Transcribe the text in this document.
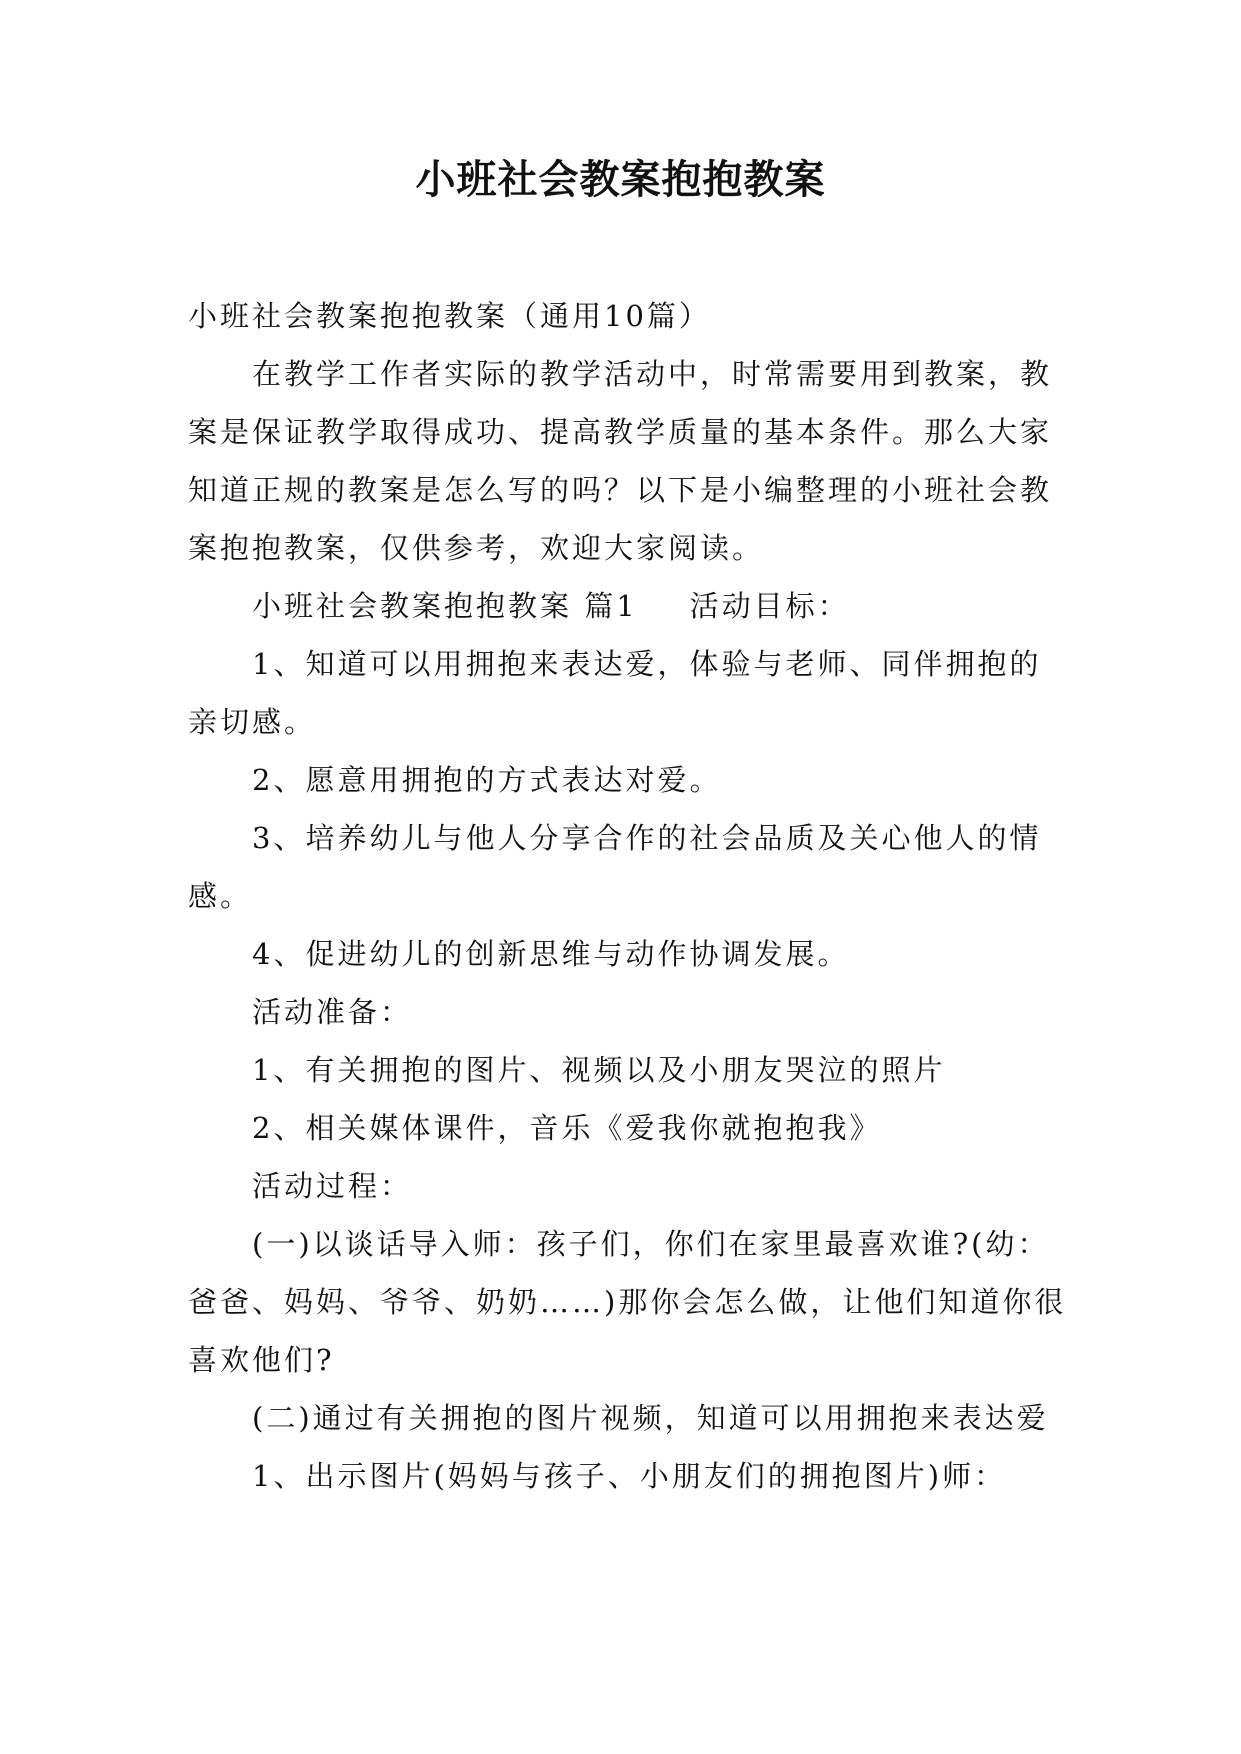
小班社会教案抱抱教案

小班社会教案抱抱教案（通用10篇）

在教学工作者实际的教学活动中，时常需要用到教案，教案是保证教学取得成功、提高教学质量的基本条件。那么大家知道正规的教案是怎么写的吗？以下是小编整理的小班社会教案抱抱教案，仅供参考，欢迎大家阅读。

小班社会教案抱抱教案 篇1 活动目标：

1、知道可以用拥抱来表达爱，体验与老师、同伴拥抱的亲切感。

2、愿意用拥抱的方式表达对爱。

3、培养幼儿与他人分享合作的社会品质及关心他人的情感。

4、促进幼儿的创新思维与动作协调发展。

活动准备：

1、有关拥抱的图片、视频以及小朋友哭泣的照片

2、相关媒体课件，音乐《爱我你就抱抱我》

活动过程：

(一)以谈话导入师：孩子们，你们在家里最喜欢谁?(幼：爸爸、妈妈、爷爷、奶奶……)那你会怎么做，让他们知道你很喜欢他们?

(二)通过有关拥抱的图片视频，知道可以用拥抱来表达爱

1、出示图片(妈妈与孩子、小朋友们的拥抱图片)师：
